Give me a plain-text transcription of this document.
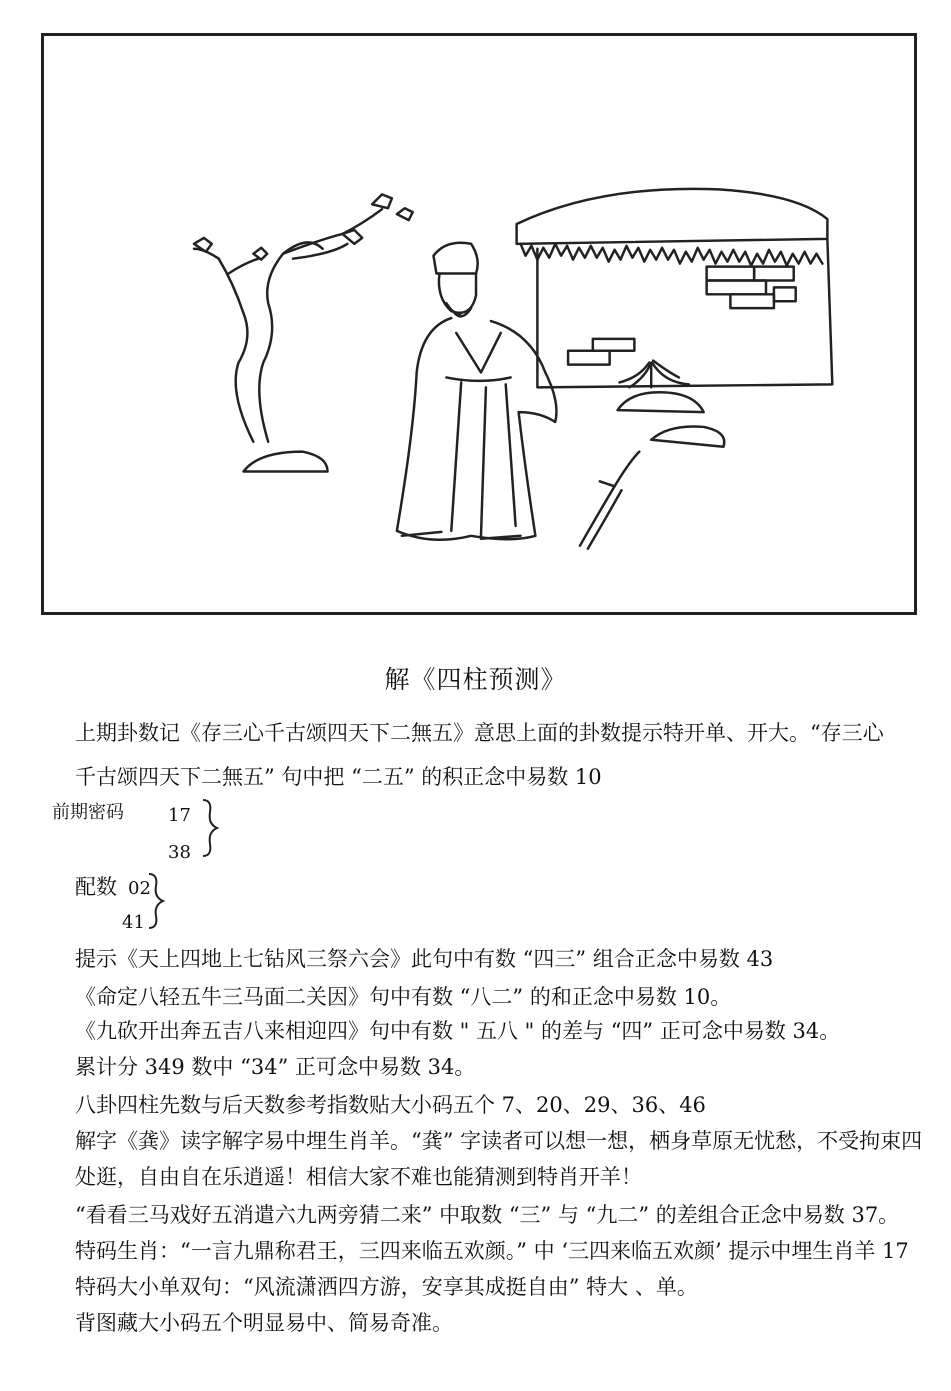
解《四柱预测》
上期卦数记《存三心千古颂四天下二無五》意思上面的卦数提示特开单、开大。“存三心
千古颂四天下二無五” 句中把 “二五” 的积正念中易数 10
前期密码	17
38
配数 02
41
提示《天上四地上七钻风三祭六会》此句中有数 “四三” 组合正念中易数 43
《命定八轻五牛三马面二关因》句中有数 “八二” 的和正念中易数 10。
《九砍开出奔五吉八来相迎四》句中有数 " 五八 " 的差与 “四” 正可念中易数 34。
累计分 349 数中 “34” 正可念中易数 34。
八卦四柱先数与后天数参考指数贴大小码五个 7、20、29、36、46
解字《龚》读字解字易中埋生肖羊。“龚” 字读者可以想一想，栖身草原无忧愁，不受拘束四
处逛，自由自在乐逍遥！相信大家不难也能猜测到特肖开羊！
“看看三马戏好五消遣六九两旁猜二来” 中取数 “三” 与 “九二” 的差组合正念中易数 37。
特码生肖：“一言九鼎称君王，三四来临五欢颜。” 中 ‘三四来临五欢颜’ 提示中埋生肖羊 17
特码大小单双句：“风流潇洒四方游，安享其成挺自由” 特大 、单。
背图藏大小码五个明显易中、简易奇准。
